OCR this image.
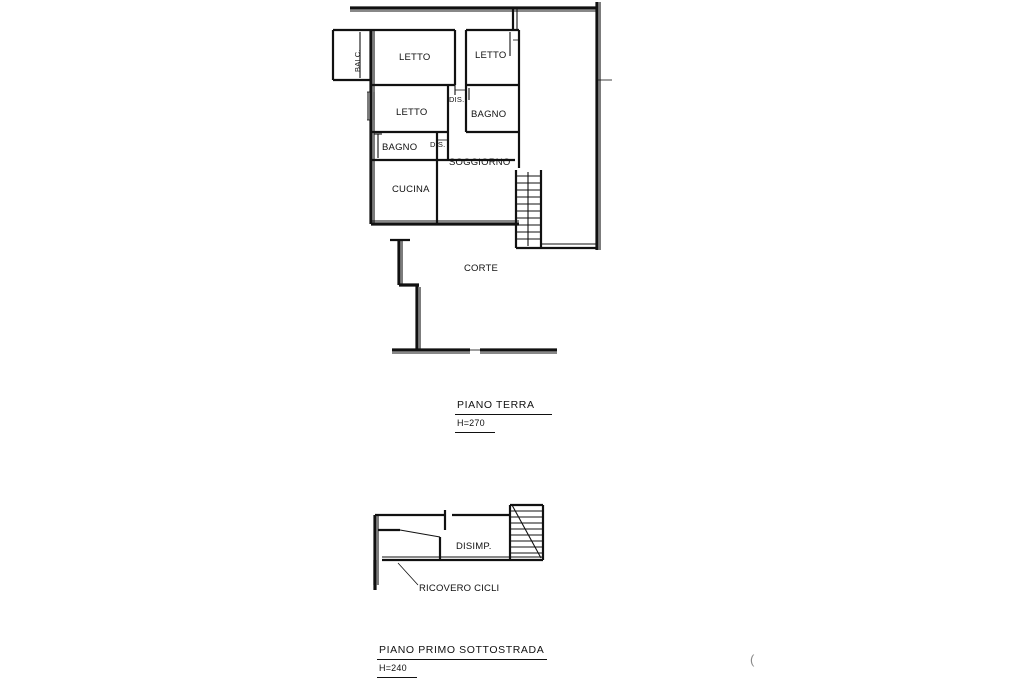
BALC.	LETTO	LETTO
LETTO
DIS.
DIS.
BAGNO
BAGNO
SOGGIORNO
CUCINA
CORTE
PIANO TERRA
H=270
DISIMP.
RICOVERO CICLI
PIANO PRIMO SOTTOSTRADA
H=240
(
